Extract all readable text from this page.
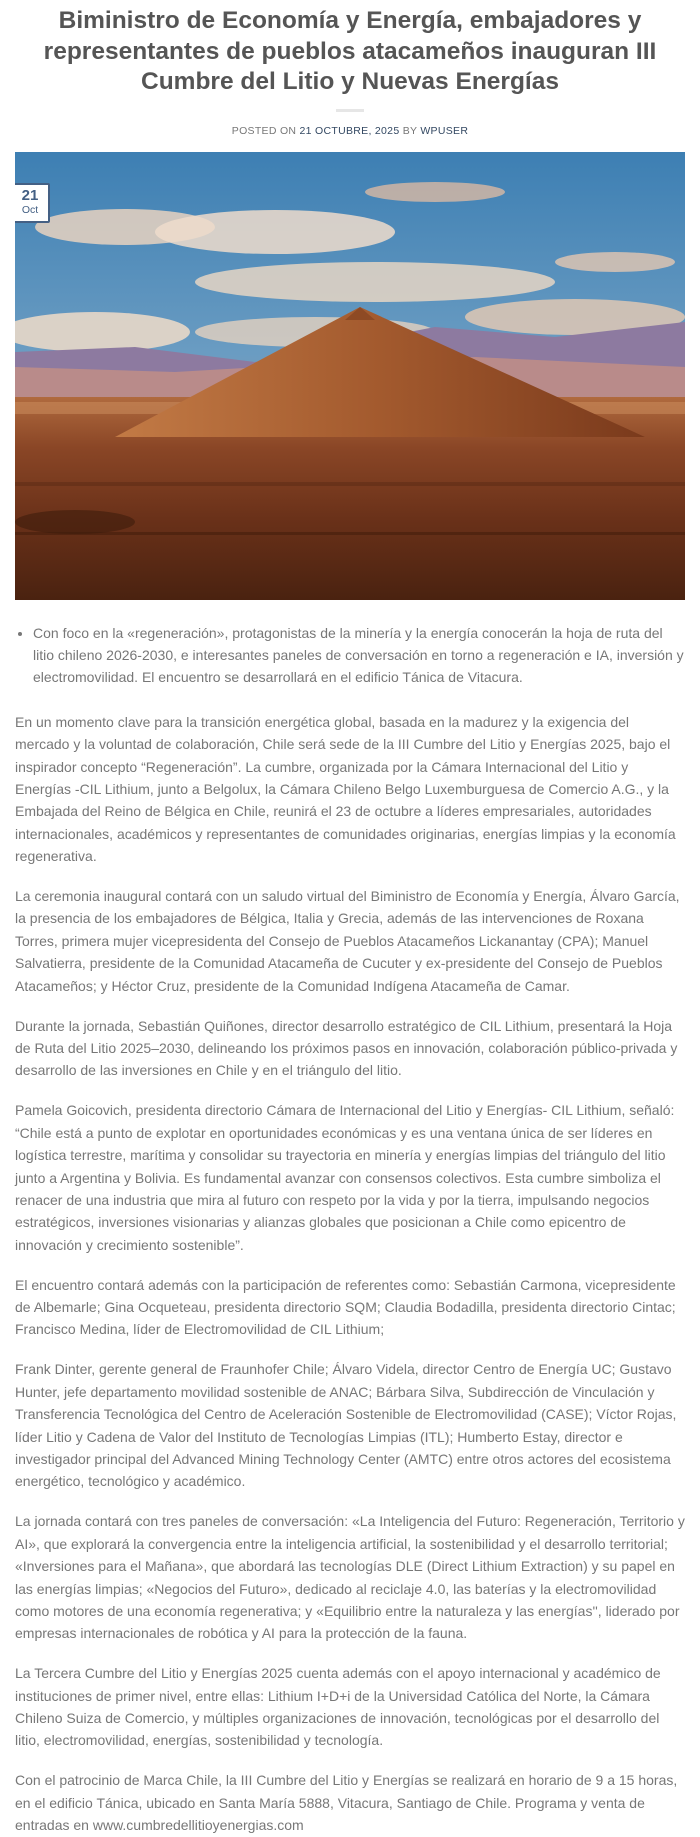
Biministro de Economía y Energía, embajadores y representantes de pueblos atacameños inauguran III Cumbre del Litio y Nuevas Energías
POSTED ON 21 OCTUBRE, 2025 BY WPUSER
21
Oct
• Con foco en la «regeneración», protagonistas de la minería y la energía conocerán la hoja de ruta del litio chileno 2026-2030, e interesantes paneles de conversación en torno a regeneración e IA, inversión y electromovilidad. El encuentro se desarrollará en el edificio Tánica de Vitacura.

En un momento clave para la transición energética global, basada en la madurez y la exigencia del mercado y la voluntad de colaboración, Chile será sede de la III Cumbre del Litio y Energías 2025, bajo el inspirador concepto “Regeneración”. La cumbre, organizada por la Cámara Internacional del Litio y Energías -CIL Lithium, junto a Belgolux, la Cámara Chileno Belgo Luxemburguesa de Comercio A.G., y la Embajada del Reino de Bélgica en Chile, reunirá el 23 de octubre a líderes empresariales, autoridades internacionales, académicos y representantes de comunidades originarias, energías limpias y la economía regenerativa.

La ceremonia inaugural contará con un saludo virtual del Biministro de Economía y Energía, Álvaro García, la presencia de los embajadores de Bélgica, Italia y Grecia, además de las intervenciones de Roxana Torres, primera mujer vicepresidenta del Consejo de Pueblos Atacameños Lickanantay (CPA); Manuel Salvatierra, presidente de la Comunidad Atacameña de Cucuter y ex-presidente del Consejo de Pueblos Atacameños; y Héctor Cruz, presidente de la Comunidad Indígena Atacameña de Camar.

Durante la jornada, Sebastián Quiñones, director desarrollo estratégico de CIL Lithium, presentará la Hoja de Ruta del Litio 2025–2030, delineando los próximos pasos en innovación, colaboración público-privada y desarrollo de las inversiones en Chile y en el triángulo del litio.

Pamela Goicovich, presidenta directorio Cámara de Internacional del Litio y Energías- CIL Lithium, señaló: “Chile está a punto de explotar en oportunidades económicas y es una ventana única de ser líderes en logística terrestre, marítima y consolidar su trayectoria en minería y energías limpias del triángulo del litio junto a Argentina y Bolivia. Es fundamental avanzar con consensos colectivos. Esta cumbre simboliza el renacer de una industria que mira al futuro con respeto por la vida y por la tierra, impulsando negocios estratégicos, inversiones visionarias y alianzas globales que posicionan a Chile como epicentro de innovación y crecimiento sostenible”.

El encuentro contará además con la participación de referentes como: Sebastián Carmona, vicepresidente de Albemarle; Gina Ocqueteau, presidenta directorio SQM; Claudia Bodadilla, presidenta directorio Cintac; Francisco Medina, líder de Electromovilidad de CIL Lithium;

Frank Dinter, gerente general de Fraunhofer Chile; Álvaro Videla, director Centro de Energía UC; Gustavo Hunter, jefe departamento movilidad sostenible de ANAC; Bárbara Silva, Subdirección de Vinculación y Transferencia Tecnológica del Centro de Aceleración Sostenible de Electromovilidad (CASE); Víctor Rojas, líder Litio y Cadena de Valor del Instituto de Tecnologías Limpias (ITL); Humberto Estay, director e investigador principal del Advanced Mining Technology Center (AMTC) entre otros actores del ecosistema energético, tecnológico y académico.

La jornada contará con tres paneles de conversación: «La Inteligencia del Futuro: Regeneración, Territorio y AI», que explorará la convergencia entre la inteligencia artificial, la sostenibilidad y el desarrollo territorial; «Inversiones para el Mañana», que abordará las tecnologías DLE (Direct Lithium Extraction) y su papel en las energías limpias; «Negocios del Futuro», dedicado al reciclaje 4.0, las baterías y la electromovilidad como motores de una economía regenerativa; y «Equilibrio entre la naturaleza y las energías'', liderado por empresas internacionales de robótica y AI para la protección de la fauna.

La Tercera Cumbre del Litio y Energías 2025 cuenta además con el apoyo internacional y académico de instituciones de primer nivel, entre ellas: Lithium I+D+i de la Universidad Católica del Norte, la Cámara Chileno Suiza de Comercio, y múltiples organizaciones de innovación, tecnológicas por el desarrollo del litio, electromovilidad, energías, sostenibilidad y tecnología.

Con el patrocinio de Marca Chile, la III Cumbre del Litio y Energías se realizará en horario de 9 a 15 horas, en el edificio Tánica, ubicado en Santa María 5888, Vitacura, Santiago de Chile. Programa y venta de entradas en www.cumbredellitioyenergias.com
